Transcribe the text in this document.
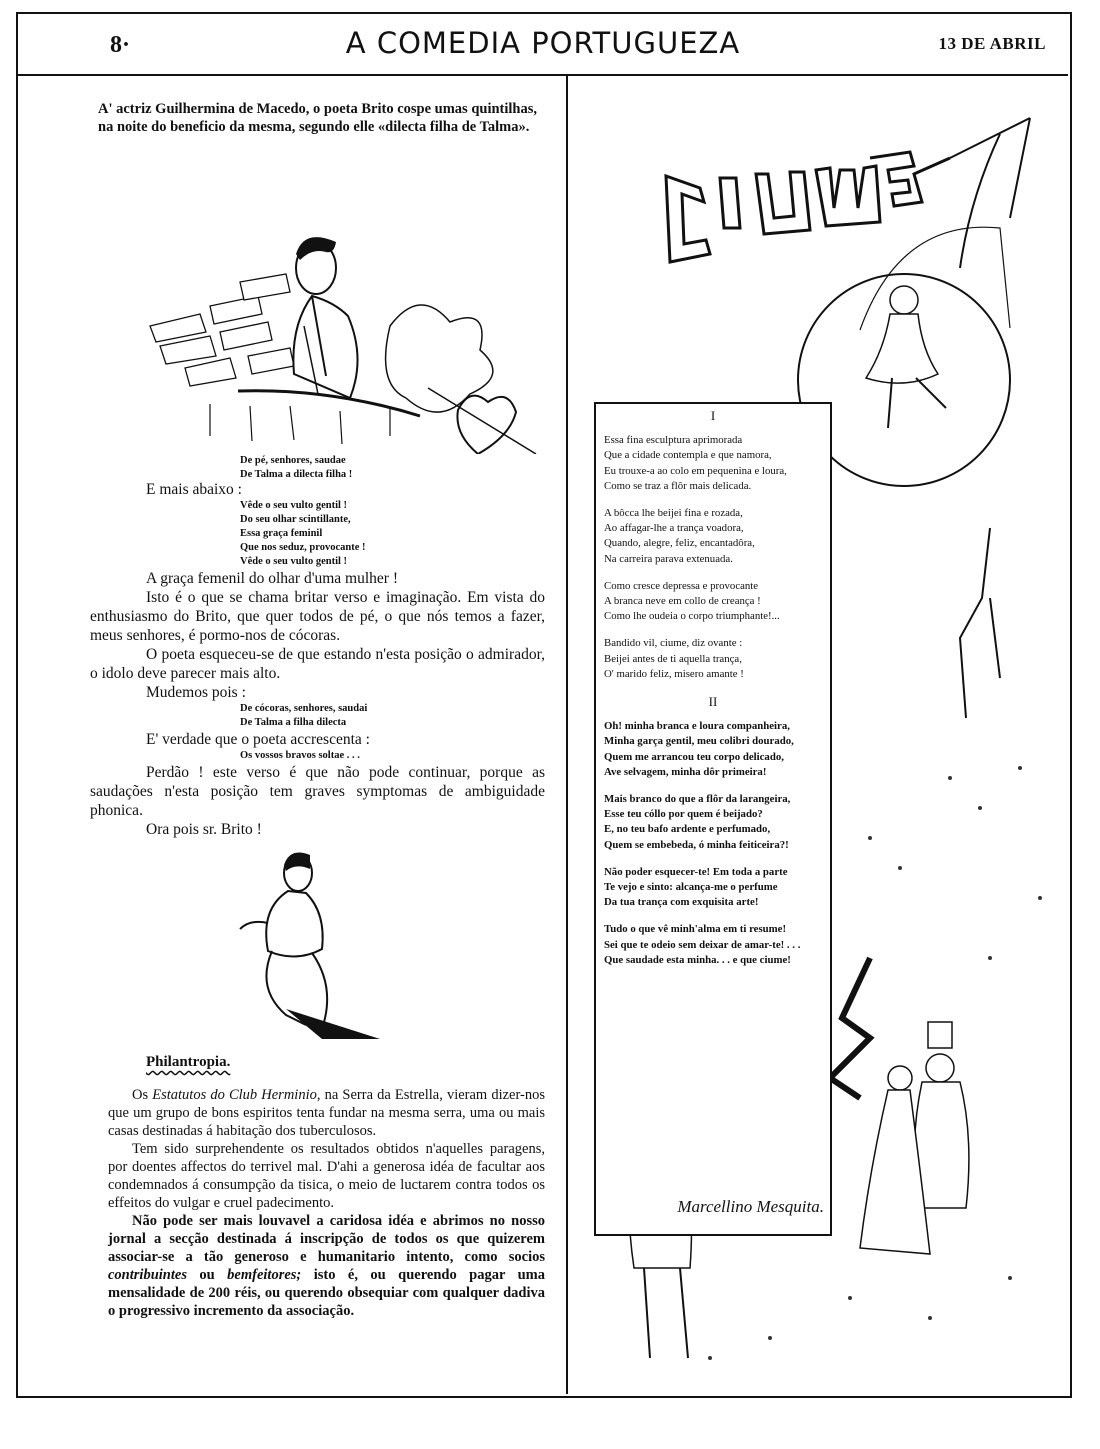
8·	A COMEDIA PORTUGUEZA	13 DE ABRIL

A' actriz Guilhermina de Macedo, o poeta Brito cospe umas quintilhas, na noite do beneficio da mesma, segundo elle «dilecta filha de Talma».

De pé, senhores, saudae

De Talma a dilecta filha !

E mais abaixo :

Vêde o seu vulto gentil !

Do seu olhar scintillante,

Essa graça feminil

Que nos seduz, provocante !

Vêde o seu vulto gentil !

A graça femenil do olhar d'uma mulher !

Isto é o que se chama britar verso e imaginação. Em vista do enthusiasmo do Brito, que quer todos de pé, o que nós temos a fazer, meus senhores, é pormo-nos de cócoras.

O poeta esqueceu-se de que estando n'esta posição o admirador, o idolo deve parecer mais alto.

Mudemos pois :

De cócoras, senhores, saudai

De Talma a filha dilecta

E' verdade que o poeta accrescenta :

Os vossos bravos soltae . . .

Perdão ! este verso é que não pode continuar, porque as saudações n'esta posição tem graves symptomas de ambiguidade phonica.

Ora pois sr. Brito !

Philantropia.

Os Estatutos do Club Herminio, na Serra da Estrella, vieram dizer-nos que um grupo de bons espiritos tenta fundar na mesma serra, uma ou mais casas destinadas á habitação dos tuberculosos.

Tem sido surprehendente os resultados obtidos n'aquelles paragens, por doentes affectos do terrivel mal. D'ahi a generosa idéa de facultar aos condemnados á consumpção da tisica, o meio de luctarem contra todos os effeitos do vulgar e cruel padecimento.

Não pode ser mais louvavel a caridosa idéa e abrimos no nosso jornal a secção destinada á inscripção de todos os que quizerem associar-se a tão generoso e humanitario intento, como socios contribuintes ou bemfeitores; isto é, ou querendo pagar uma mensalidade de 200 réis, ou querendo obsequiar com qualquer dadiva o progressivo incremento da associação.

I

Essa fina esculptura aprimorada

Que a cidade contempla e que namora,

Eu trouxe-a ao colo em pequenina e loura,

Como se traz a flôr mais delicada.

A bôcca lhe beijei fina e rozada,

Ao affagar-lhe a trança voadora,

Quando, alegre, feliz, encantadôra,

Na carreira parava extenuada.

Como cresce depressa e provocante

A branca neve em collo de creança !

Como lhe oudeia o corpo triumphante!...

Bandido vil, ciume, diz ovante :

Beijei antes de ti aquella trança,

O' marido feliz, misero amante !

II

Oh! minha branca e loura companheira,

Minha garça gentil, meu colibri dourado,

Quem me arrancou teu corpo delicado,

Ave selvagem, minha dôr primeira!

Mais branco do que a flôr da larangeira,

Esse teu cóllo por quem é beijado?

E, no teu bafo ardente e perfumado,

Quem se embebeda, ó minha feiticeira?!

Não poder esquecer-te! Em toda a parte

Te vejo e sinto: alcança-me o perfume

Da tua trança com exquisita arte!

Tudo o que vê minh'alma em ti resume!

Sei que te odeio sem deixar de amar-te! . . .

Que saudade esta minha. . . e que ciume!

Marcellino Mesquita.
